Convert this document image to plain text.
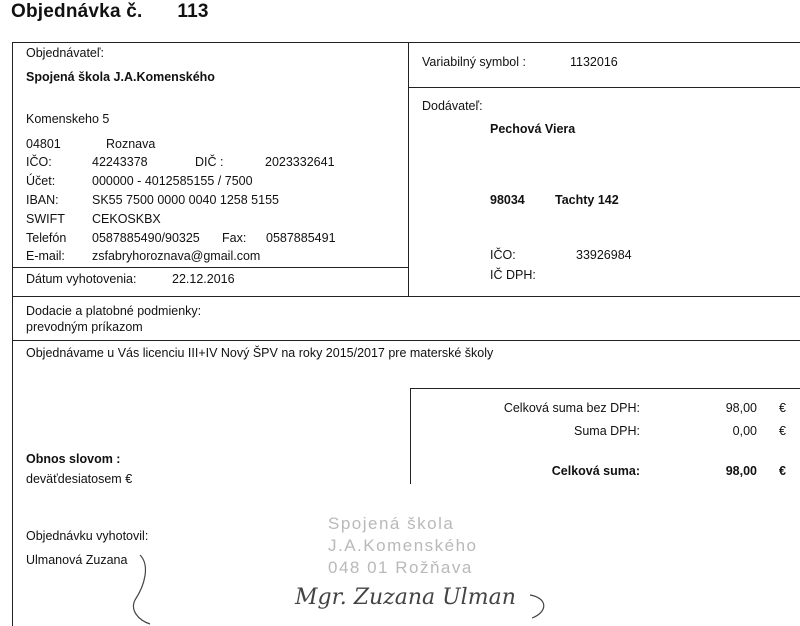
Objednávka č. 113
Objednávateľ:
Spojená škola J.A.Komenského
Komenskeho 5
04801	Roznava
IČO:	42243378	DIČ :	2023332641
Účet:	000000 - 4012585155 / 7500
IBAN:	SK55 7500 0000 0040 1258 5155
SWIFT CEKOSKBX
Telefón 0587885490/90325 Fax: 0587885491
E-mail: zsfabryhoroznava@gmail.com
Dátum vyhotovenia:	22.12.2016
Variabilný symbol :	1132016
Dodávateľ:
Pechová Viera
98034 Tachty 142
IČO:	33926984
IČ DPH:
Dodacie a platobné podmienky:
prevodným príkazom
Objednávame u Vás licenciu III+IV Nový ŠPV na roky 2015/2017 pre materské školy
Celková suma bez DPH:	98,00 €
Suma DPH:	0,00 €
Celková suma:	98,00 €
Obnos slovom :
deväťdesiatosem €
Objednávku vyhotovil:
Ulmanová Zuzana
Spojená škola
J.A.Komenského
048 01 Rožňava
Mgr. Zuzana Ulman
